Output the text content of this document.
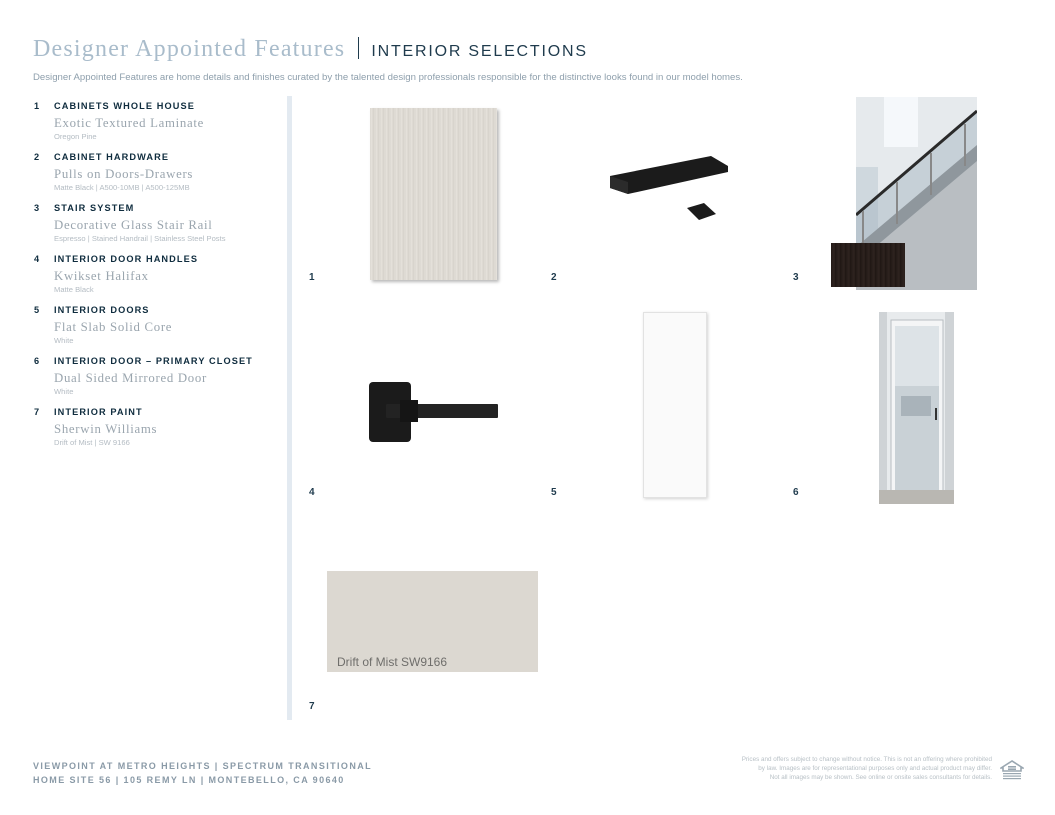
Designer Appointed Features INTERIOR SELECTIONS
Designer Appointed Features are home details and finishes curated by the talented design professionals responsible for the distinctive looks found in our model homes.
1	CABINETS WHOLE HOUSE
Exotic Textured Laminate
Oregon Pine
2	CABINET HARDWARE
Pulls on Doors-Drawers
Matte Black | A500-10MB | A500-125MB
3	STAIR SYSTEM
Decorative Glass Stair Rail
Espresso | Stained Handrail | Stainless Steel Posts
4	INTERIOR DOOR HANDLES
Kwikset Halifax
Matte Black
5	INTERIOR DOORS
Flat Slab Solid Core
White
6	INTERIOR DOOR – PRIMARY CLOSET
Dual Sided Mirrored Door
White
7	INTERIOR PAINT
Sherwin Williams
Drift of Mist | SW 9166
Drift of Mist SW9166
1	2	3
4	5	6
7
VIEWPOINT AT METRO HEIGHTS | SPECTRUM TRANSITIONAL
HOME SITE 56 | 105 REMY LN | MONTEBELLO, CA 90640
Prices and offers subject to change without notice. This is not an offering where prohibited
by law. Images are for representational purposes only and actual product may differ.
Not all images may be shown. See online or onsite sales consultants for details.
